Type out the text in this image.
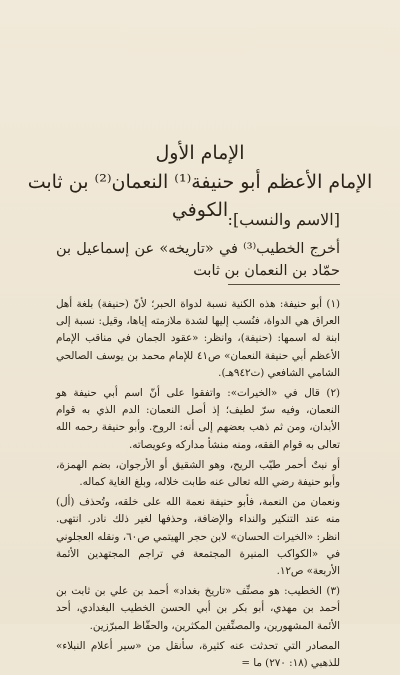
الإمام الأول

الإمام الأعظم أبو حنيفة⁽¹⁾ النعمان⁽²⁾ بن ثابت الكوفي [الاسم والنسب]:
أخرج الخطيب⁽³⁾ في «تاريخه» عن إسماعيل بن حمّاد بن النعمان بن ثابت

(١) أبو حنيفة: هذه الكنية نسبة لدواة الحبر؛ لأنّ (حنيفة) بلغة أهل العراق هي الدواة، فنُسب إليها لشدة ملازمته إياها، وقيل: نسبة إلى ابنة له اسمها: (حنيفة)، وانظر: «عقود الجمان في مناقب الإمام الأعظم أبي حنيفة النعمان» ص٤١ للإمام محمد بن يوسف الصالحي الشامي الشافعي (ت٩٤٢هـ).

(٢) قال في «الخيرات»: واتفقوا على أنّ اسم أبي حنيفة هو النعمان، وفيه سرّ لطيف؛ إذ أصل النعمان: الدم الذي به قوام الأبدان، ومن ثم ذهب بعضهم إلى أنه: الروح. وأبو حنيفة رحمه الله تعالى به قوام الفقه، ومنه منشأ مداركه وعويصاته.

أو نبتٌ أحمر طيّب الريح، وهو الشقيق أو الأرجوان، بضم الهمزة، وأبو حنيفة رضي الله تعالى عنه طابت خلاله، وبلغ الغاية كماله.

ونعمان من النعمة، فأبو حنيفة نعمة الله على خلقه، وتُحذف (أل) منه عند التنكير والنداء والإضافة، وحذفها لغير ذلك نادر. انتهى. انظر: «الخيرات الحسان» لابن حجر الهيتمي ص٦٠، ونقله العجلوني في «الكواكب المنيرة المجتمعة في تراجم المجتهدين الأئمة الأربعة» ص١٢.

(٣) الخطيب: هو مصنِّف «تاريخ بغداد» أحمد بن علي بن ثابت بن أحمد بن مهدي، أبو بكر بن أبي الحسن الخطيب البغدادي، أحد الأئمة المشهورين، والمصنِّفين المكثرين، والحفّاظ المبرّزين.

المصادر التي تحدثت عنه كثيرة، سأنقل من «سير أعلام النبلاء» للذهبي (١٨: ٢٧٠) ما =
